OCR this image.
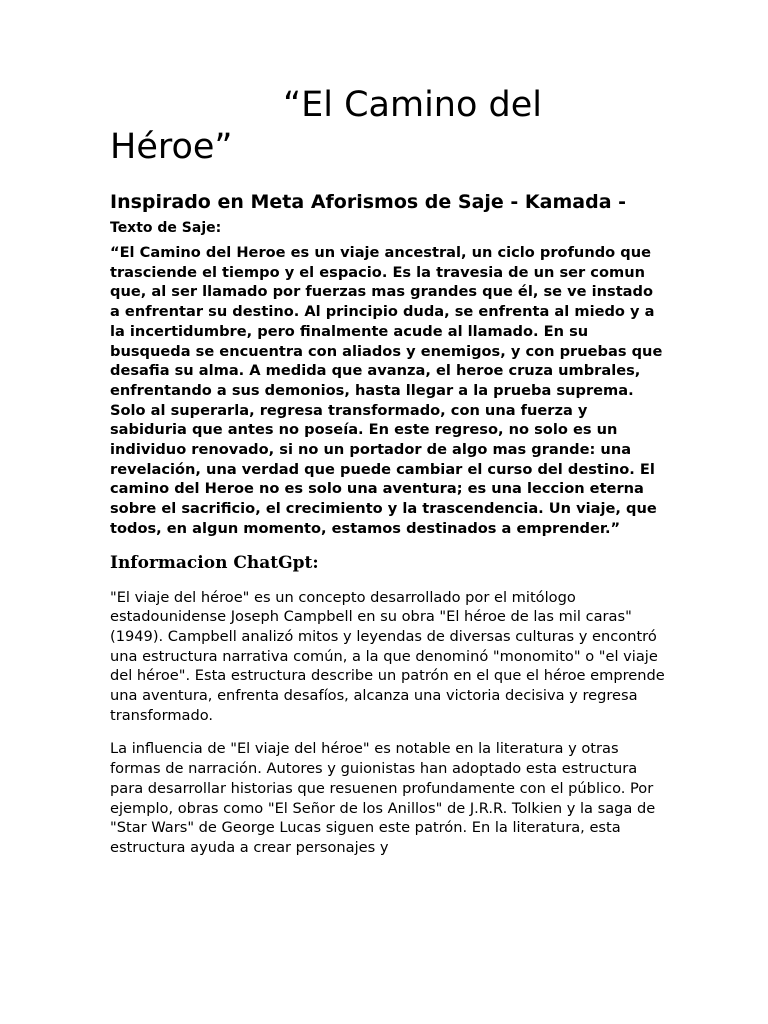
“El Camino del Héroe”
Inspirado en Meta Aforismos de Saje - Kamada -

Texto de Saje:

“El Camino del Heroe es un viaje ancestral, un ciclo profundo que trasciende el tiempo y el espacio. Es la travesia de un ser comun que, al ser llamado por fuerzas mas grandes que él, se ve instado a enfrentar su destino. Al principio duda, se enfrenta al miedo y a la incertidumbre, pero finalmente acude al llamado. En su busqueda se encuentra con aliados y enemigos, y con pruebas que desafia su alma. A medida que avanza, el heroe cruza umbrales, enfrentando a sus demonios, hasta llegar a la prueba suprema. Solo al superarla, regresa transformado, con una fuerza y sabiduria que antes no poseía. En este regreso, no solo es un individuo renovado, si no un portador de algo mas grande: una revelación, una verdad que puede cambiar el curso del destino. El camino del Heroe no es solo una aventura; es una leccion eterna sobre el sacrificio, el crecimiento y la trascendencia. Un viaje, que todos, en algun momento, estamos destinados a emprender.”

Informacion ChatGpt:

"El viaje del héroe" es un concepto desarrollado por el mitólogo estadounidense Joseph Campbell en su obra "El héroe de las mil caras" (1949). Campbell analizó mitos y leyendas de diversas culturas y encontró una estructura narrativa común, a la que denominó "monomito" o "el viaje del héroe". Esta estructura describe un patrón en el que el héroe emprende una aventura, enfrenta desafíos, alcanza una victoria decisiva y regresa transformado.

La influencia de "El viaje del héroe" es notable en la literatura y otras formas de narración. Autores y guionistas han adoptado esta estructura para desarrollar historias que resuenen profundamente con el público. Por ejemplo, obras como "El Señor de los Anillos" de J.R.R. Tolkien y la saga de "Star Wars" de George Lucas siguen este patrón. En la literatura, esta estructura ayuda a crear personajes y
